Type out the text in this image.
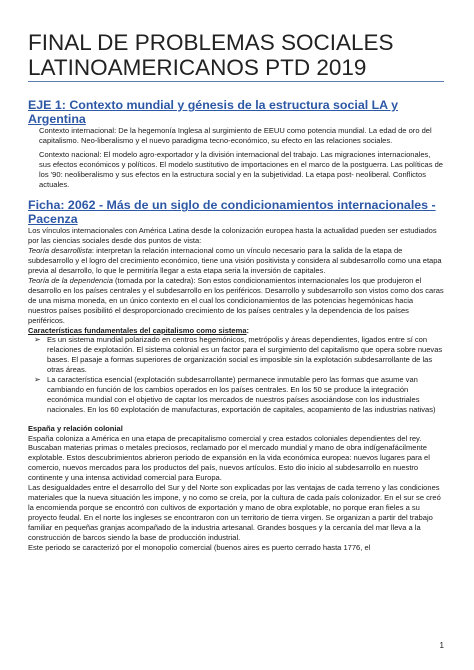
FINAL DE PROBLEMAS SOCIALES
LATINOAMERICANOS PTD 2019
EJE 1: Contexto mundial y génesis de la estructura social LA y
Argentina

Contexto internacional: De la hegemonía Inglesa al surgimiento de EEUU como potencia mundial. La edad de oro del capitalismo. Neo-liberalismo y el nuevo paradigma tecno-económico, su efecto en las relaciones sociales.

Contexto nacional: El modelo agro-exportador y la división internacional del trabajo. Las migraciones internacionales, sus efectos económicos y políticos. El modelo sustitutivo de importaciones en el marco de la postguerra. Las políticas de los '90: neoliberalismo y sus efectos en la estructura social y en la subjetividad. La etapa post- neoliberal. Conflictos actuales.

Ficha: 2062 - Más de un siglo de condicionamientos internacionales - Pacenza

Los vínculos internacionales con América Latina desde la colonización europea hasta la actualidad pueden ser estudiados por las ciencias sociales desde dos puntos de vista:

Teoría desarrollista: interpretan la relación internacional como un vínculo necesario para la salida de la etapa de subdesarrollo y el logro del crecimiento económico, tiene una visión positivista y considera al subdesarrollo como una etapa previa al desarrollo, lo que le permitiría llegar a esta etapa seria la inversión de capitales.

Teoría de la dependencia (tomada por la catedra): Son estos condicionamientos internacionales los que produjeron el desarrollo en los países centrales y el subdesarrollo en los periféricos. Desarrollo y subdesarrollo son vistos como dos caras de una misma moneda, en un único contexto en el cual los condicionamientos de las potencias hegemónicas hacia nuestros países posibilitó el desproporcionado crecimiento de los países centrales y la dependencia de los países periféricos.

Características fundamentales del capitalismo como sistema:

➢ Es un sistema mundial polarizado en centros hegemónicos, metrópolis y áreas dependientes, ligados entre sí con relaciones de explotación. El sistema colonial es un factor para el surgimiento del capitalismo que opera sobre nuevas bases. El pasaje a formas superiores de organización social es imposible sin la explotación subdesarrollante de las otras áreas.
➢ La característica esencial (explotación subdesarrollante) permanece inmutable pero las formas que asume van cambiando en función de los cambios operados en los países centrales. En los 50 se produce la integración económica mundial con el objetivo de captar los mercados de nuestros países asociándose con los industriales nacionales. En los 60 explotación de manufacturas, exportación de capitales, acopamiento de las industrias nativas)

España y relación colonial

España coloniza a América en una etapa de precapitalismo comercial y crea estados coloniales dependientes del rey. Buscaban materias primas o metales preciosos, reclamado por el mercado mundial y mano de obra indígenafácilmente explotable. Estos descubrimientos abrieron periodo de expansión en la vida económica europea: nuevos lugares para el comercio, nuevos mercados para los productos del país, nuevos artículos. Esto dio inicio al subdesarrollo en nuestro continente y una intensa actividad comercial para Europa.

Las desigualdades entre el desarrollo del Sur y del Norte son explicadas por las ventajas de cada terreno y las condiciones materiales que la nueva situación les impone, y no como se creía, por la cultura de cada país colonizador. En el sur se creó la encomienda porque se encontró con cultivos de exportación y mano de obra explotable, no porque eran fieles a su proyecto feudal. En el norte los ingleses se encontraron con un territorio de tierra virgen. Se organizan a partir del trabajo familiar en pequeñas granjas acompañado de la industria artesanal. Grandes bosques y la cercanía del mar lleva a la construcción de barcos siendo la base de producción industrial.

Este periodo se caracterizó por el monopolio comercial (buenos aires es puerto cerrado hasta 1776, el

1
